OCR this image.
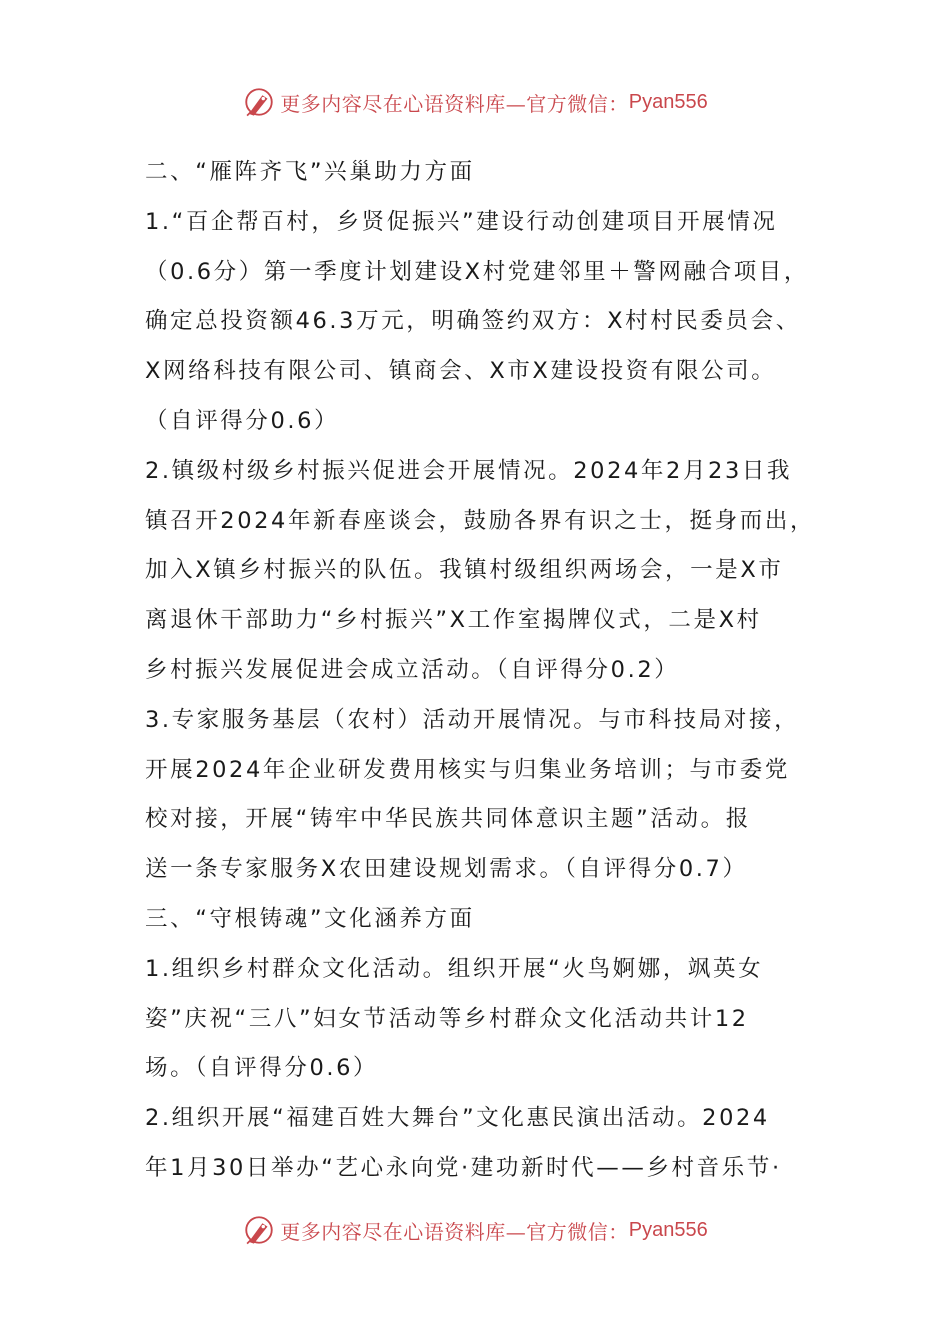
更多内容尽在心语资料库—官方微信： Pyan556
二、“雁阵齐飞”兴巢助力方面
1.“百企帮百村，乡贤促振兴”建设行动创建项目开展情况
（0.6分）第一季度计划建设X村党建邻里＋警网融合项目，
确定总投资额46.3万元，明确签约双方：X村村民委员会、
X网络科技有限公司、镇商会、X市X建设投资有限公司。
（自评得分0.6）
2.镇级村级乡村振兴促进会开展情况。2024年2月23日我
镇召开2024年新春座谈会，鼓励各界有识之士，挺身而出，
加入X镇乡村振兴的队伍。我镇村级组织两场会，一是X市
离退休干部助力“乡村振兴”X工作室揭牌仪式，二是X村
乡村振兴发展促进会成立活动。（自评得分0.2）
3.专家服务基层（农村）活动开展情况。与市科技局对接，
开展2024年企业研发费用核实与归集业务培训；与市委党
校对接，开展“铸牢中华民族共同体意识主题”活动。报
送一条专家服务X农田建设规划需求。（自评得分0.7）
三、“守根铸魂”文化涵养方面
1.组织乡村群众文化活动。组织开展“火鸟婀娜，飒英女
姿”庆祝“三八”妇女节活动等乡村群众文化活动共计12
场。（自评得分0.6）
2.组织开展“福建百姓大舞台”文化惠民演出活动。2024
年1月30日举办“艺心永向党·建功新时代——乡村音乐节·
更多内容尽在心语资料库—官方微信： Pyan556
